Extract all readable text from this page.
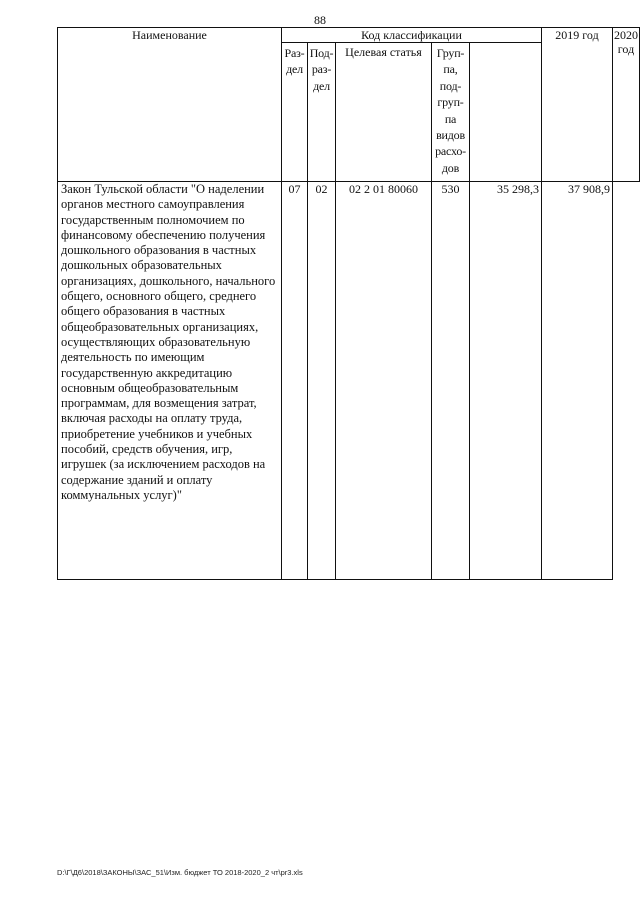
88
Наименование	Код классификации					2019 год	2020 год
	Раз-дел	Под-раз-дел	Целевая статья	Груп-па, под-груп-па видов расхо-дов			
Закон Тульской области "О наделении органов местного самоуправления государственным полномочием по финансовому обеспечению получения дошкольного образования в частных дошкольных образовательных организациях, дошкольного, начального общего, основного общего, среднего общего образования в частных общеобразовательных организациях, осуществляющих образовательную деятельность по имеющим государственную аккредитацию основным общеобразовательным программам, для возмещения затрат, включая расходы на оплату труда, приобретение учебников и учебных пособий, средств обучения, игр, игрушек (за исключением расходов на содержание зданий и оплату коммунальных услуг)"	07	02	02 2 01 80060	530	35 298,3	37 908,9	
D:\Г\Д6\2018\ЗАКОНЫ\ЗАС_51\Изм. бюджет ТО 2018-2020_2 чт\pr3.xls
